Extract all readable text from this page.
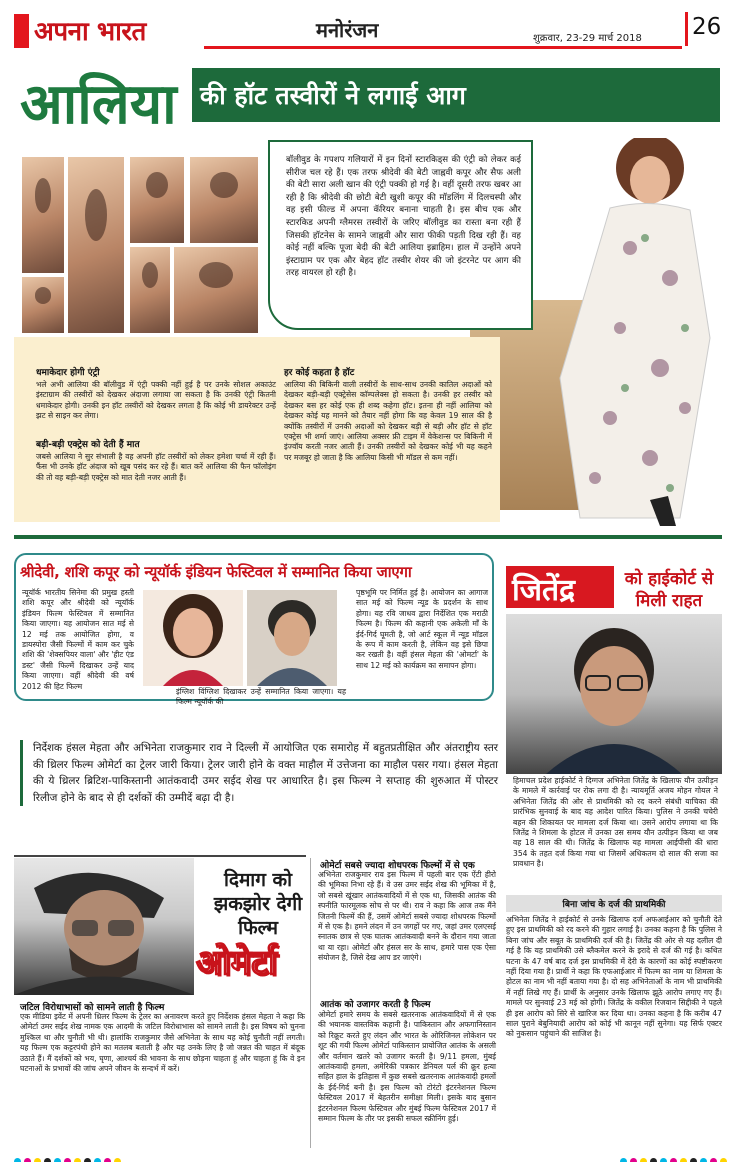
अपना भारत	मनोरंजन	शुक्रवार, 23-29 मार्च 2018 26
आलिया की हॉट तस्वीरों ने लगाई आग

बॉलीवुड के गपशप गलियारों में इन दिनों स्टारकिड्स की एंट्री को लेकर कई सीरीज चल रहे हैं। एक तरफ श्रीदेवी की बेटी जाह्नवी कपूर और सैफ अली की बेटी सारा अली खान की एंट्री पक्की हो गई है। वहीं दूसरी तरफ खबर आ रही है कि श्रीदेवी की छोटी बेटी खुशी कपूर की मॉडलिंग में दिलचस्पी और वह इसी फील्ड में अपना कॅरियर बनाना चाहती है। इस बीच एक और स्टारकिड अपनी ग्लैमरस तस्वीरों के जरिए बॉलीवुड का रास्ता बना रही हैं जिसकी हॉटनेस के सामने जाह्नवी और सारा फीकी पड़ती दिख रही हैं। वह कोई नहीं बल्कि पूजा बेदी की बेटी आलिया इब्राहिम। हाल में उन्होंने अपने इंस्टाग्राम पर एक और बेहद हॉट तस्वीर शेयर की जो इंटरनेट पर आग की तरह वायरल हो रही है।

धमाकेदार होगी एंट्री
भले अभी आलिया की बॉलीवुड में एंट्री पक्की नहीं हुई है पर उनके सोशल अकाउंट इंस्टाग्राम की तस्वीरों को देखकर अंदाजा लगाया जा सकता है कि उनकी एंट्री कितनी धमाकेदार होगी। उनकी इन हॉट तस्वीरों को देखकर लगता है कि कोई भी डायरेक्टर उन्हें झट से साइन कर लेगा।
बड़ी-बड़ी एक्ट्रेस को देती हैं मात
जबसे आलिया ने सुर संभाली है वह अपनी हॉट तस्वीरों को लेकर हमेशा चर्चा में रही हैं। फैंस भी उनके हॉट अंदाज को खूब पसंद कर रहे हैं। बात करें आलिया की फैन फॉलोइंग की तो वह बड़ी-बड़ी एक्ट्रेस को मात देती नजर आती हैं।
हर कोई कहता है हॉट
आलिया की बिकिनी वाली तस्वीरों के साथ-साथ उनकी कातिल अदाओं को देखकर बड़ी-बड़ी एक्ट्रेसेस कॉम्पलेक्स हो सकता है। उनकी हर तस्वीर को देखकर बस हर कोई एक ही शब्द कहेगा हॉट। इतना ही नहीं आलिया को देखकर कोई यह मानने को तैयार नहीं होगा कि वह केवल 19 साल की है क्योंकि तस्वीरों में उनकी अदाओं को देखकर बड़ी से बड़ी और हॉट से हॉट एक्ट्रेस भी शर्मा जाएं। आलिया अक्सर फ्री टाइम में वेकेशन्स पर बिकिनी में इंज्वॉय करती नजर आती हैं। उनकी तस्वीरों को देखकर कोई भी यह कहने पर मजबूर हो जाता है कि आलिया किसी भी मॉडल से कम नहीं।
श्रीदेवी, शशि कपूर को न्यूयॉर्क इंडियन फेस्टिवल में सम्मानित किया जाएगा
न्यूयॉर्क भारतीय सिनेमा की प्रमुख हस्ती शशि कपूर और श्रीदेवी को न्यूयॉर्क इंडियन फिल्म फेस्टिवल में सम्मानित किया जाएगा। यह आयोजन सात मई से 12 मई तक आयोजित होगा, व डायस्पोरा जैसी फिल्मों में काम कर चुके शशि की 'शेक्सपियर वाला' और 'हीट एंड डस्ट' जैसी फिल्में दिखाकर उन्हें याद किया जाएगा। वहीं श्रीदेवी की वर्ष 2012 की हिट फिल्म
इंग्लिश विंग्लिश दिखाकर उन्हें सम्मानित किया जाएगा। यह फिल्म न्यूयॉर्क की
पृष्ठभूमि पर निर्मित हुई है। आयोजन का आगाज सात मई को फिल्म न्यूड के प्रदर्शन के साथ होगा। यह रवि जाधव द्वारा निर्देशित एक मराठी फिल्म है। फिल्म की कहानी एक अकेली माँ के ईर्द-गिर्द घूमती है, जो आर्ट स्कूल में न्यूड मॉडल के रूप में काम करती है, लेकिन वह इसे छिपा कर रखती है। वहीं हंसल मेहता की 'ओमर्टा' के साथ 12 मई को कार्यक्रम का समापन होगा।
निर्देशक हंसल मेहता और अभिनेता राजकुमार राव ने दिल्ली में आयोजित एक समारोह में बहुतप्रतीक्षित और अंतराष्ट्रीय स्तर की थ्रिलर फिल्म ओमेर्टा का ट्रेलर जारी किया। ट्रेलर जारी होने के वक्त माहौल में उत्तेजना का माहौल पसर गया। हंसल मेहता की ये थ्रिलर ब्रिटिश-पाकिस्तानी आतंकवादी उमर सईद शेख पर आधारित है। इस फिल्म ने सप्ताह की शुरुआत में पोस्टर रिलीज होने के बाद से ही दर्शकों की उम्मीदें बढ़ा दी है।
जितेंद्र	को हाईकोर्ट से मिली राहत
हिमाचल प्रदेश हाईकोर्ट ने दिग्गज अभिनेता जितेंद्र के खिलाफ यौन उत्पीड़न के मामले में कार्रवाई पर रोक लगा दी है। न्यायमूर्ति अजय मोहन गोयल ने अभिनेता जितेंद्र की ओर से प्राथमिकी को रद करने संबंधी याचिका की प्रारंभिक सुनवाई के बाद यह आदेश पारित किया। पुलिस ने उनकी चचेरी बहन की शिकायत पर मामला दर्ज किया था। उसने आरोप लगाया था कि जितेंद्र ने शिमला के होटल में उनका उस समय यौन उत्पीड़न किया था जब वह 18 साल की थी। जितेंद्र के खिलाफ यह मामला आईपीसी की धारा 354 के तहत दर्ज किया गया था जिसमें अधिकतम दो साल की सजा का प्रावधान है।
बिना जांच के दर्ज की प्राथमिकी
अभिनेता जितेंद्र ने हाईकोर्ट से उनके खिलाफ दर्ज अफआईआर को चुनौती देते हुए इस प्राथमिकी को रद करने की गुहार लगाई है। उनका कहना है कि पुलिस ने बिना जांच और सबूत के प्राथमिकी दर्ज की है। जितेंद्र की ओर से यह दलील दी गई है कि यह प्राथमिकी उसे ब्लैकमेल करने के इरादे से दर्ज की गई है। कथित घटना के 47 वर्ष बाद दर्ज इस प्राथमिकी में देरी के कारणों का कोई स्पष्टीकरण नहीं दिया गया है। प्रार्थी ने कहा कि एफआईआर में फिल्म का नाम या शिमला के होटल का नाम भी नहीं बताया गया है। दो सह अभिनेताओं के नाम भी प्राथमिकी में नहीं लिखे गए हैं। प्रार्थी के अनुसार उनके खिलाफ झूठे आरोप लगाए गए हैं। मामले पर सुनवाई 23 मई को होगी। जितेंद्र के वकील रिजवान सिद्दीकी ने पहले ही इस आरोप को सिरे से खारिज कर दिया था। उनका कहना है कि करीब 47 साल पुराने बेबुनियादी आरोप को कोई भी कानून नहीं सुनेगा। यह सिर्फ एक्टर को नुकसान पहुंचाने की साजिश है।
दिमाग को झकझोर देगी फिल्म
ओमेर्टा
जटिल विरोधाभासों को सामने लाती है फिल्म
एक मीडिया इवेंट में अपनी थ्रिलर फिल्म के ट्रेलर का अनावरण करते हुए निर्देशक हंसल मेहता ने कहा कि ओमेर्टा उमर सईद शेख नामक एक आदमी के जटिल विरोधाभास को सामने लाती है। इस विषय को चुनना मुश्किल था और चुनौती भी थी। हालांकि राजकुमार जैसे अभिनेता के साथ यह कोई चुनौती नहीं लगती। यह फिल्म एक कट्टरपंथी होने का मतलब बताती है और यह उनके लिए है जो जन्नत की चाहत में बंदूक उठाते हैं। मैं दर्शकों को भय, घृणा, आश्चर्य की भावना के साथ छोड़ना चाहता हूं और चाहता हूं कि वे इन घटनाओं के प्रभावों की जांच अपने जीवन के सन्दर्भ में करें।
ओमेर्टा सबसे ज्यादा शोधपरक फिल्मों में से एक
अभिनेता राजकुमार राव इस फिल्म में पहली बार एक ऐंटी हीरो की भूमिका निभा रहे हैं। वे उस उमर सईद शेख की भूमिका में है, जो सबसे खूंखार आतंकवादियों में से एक था, जिसकी आतंक की स्पनीति फारमूलक सोच से पर थी। राव ने कहा कि आज तक मैंने जितनी फिल्में की हैं, उसमें ओमेर्टा सबसे ज्यादा शोधपरक फिल्मों में से एक है। हमने लंदन में उन जगहों पर गए, जहां उमर एलएसई स्नातक छात्र से एक घातक आतंकवादी बनने के दौरान गया जाता था या रहा। ओमेर्टा और हंसल सर के साथ, हमारे पास एक ऐसा संयोजन है, जिसे देख आप डर जाएंगे।
आतंक को उजागर करती है फिल्म
ओमेर्टा हमारे समय के सबसे खतरनाक आतंकवादियों में से एक की भयानक वास्तविक कहानी है। पाकिस्तान और अफगानिस्तान को रिक्रूट करते हुए लंदन और भारत के ओरिजिनल लोकेशन पर शूट की गयी फिल्म ओमेर्टा पाकिस्तान प्रायोजित आतंक के असली और वर्तमान खतरे को उजागर करती है। 9/11 हमला, मुंबई आतंकवादी हमला, अमेरिकी पत्रकार डेनियल पर्ल की क्रूर हत्या सहित हाल के इतिहास में कुछ सबसे खतरनाक आतंकवादी हमलों के ईर्द-गिर्द बनी है। इस फिल्म को टोरंटो इंटरनेशनल फिल्म फेस्टिवल 2017 में बेहतरीन समीक्षा मिली। इसके बाद बुसान इंटरनेशनल फिल्म फेस्टिवल और मुंबई फिल्म फेस्टिवल 2017 में सम्मान फिल्म के तौर पर इसकी सफल स्क्रीनिंग हुई।
